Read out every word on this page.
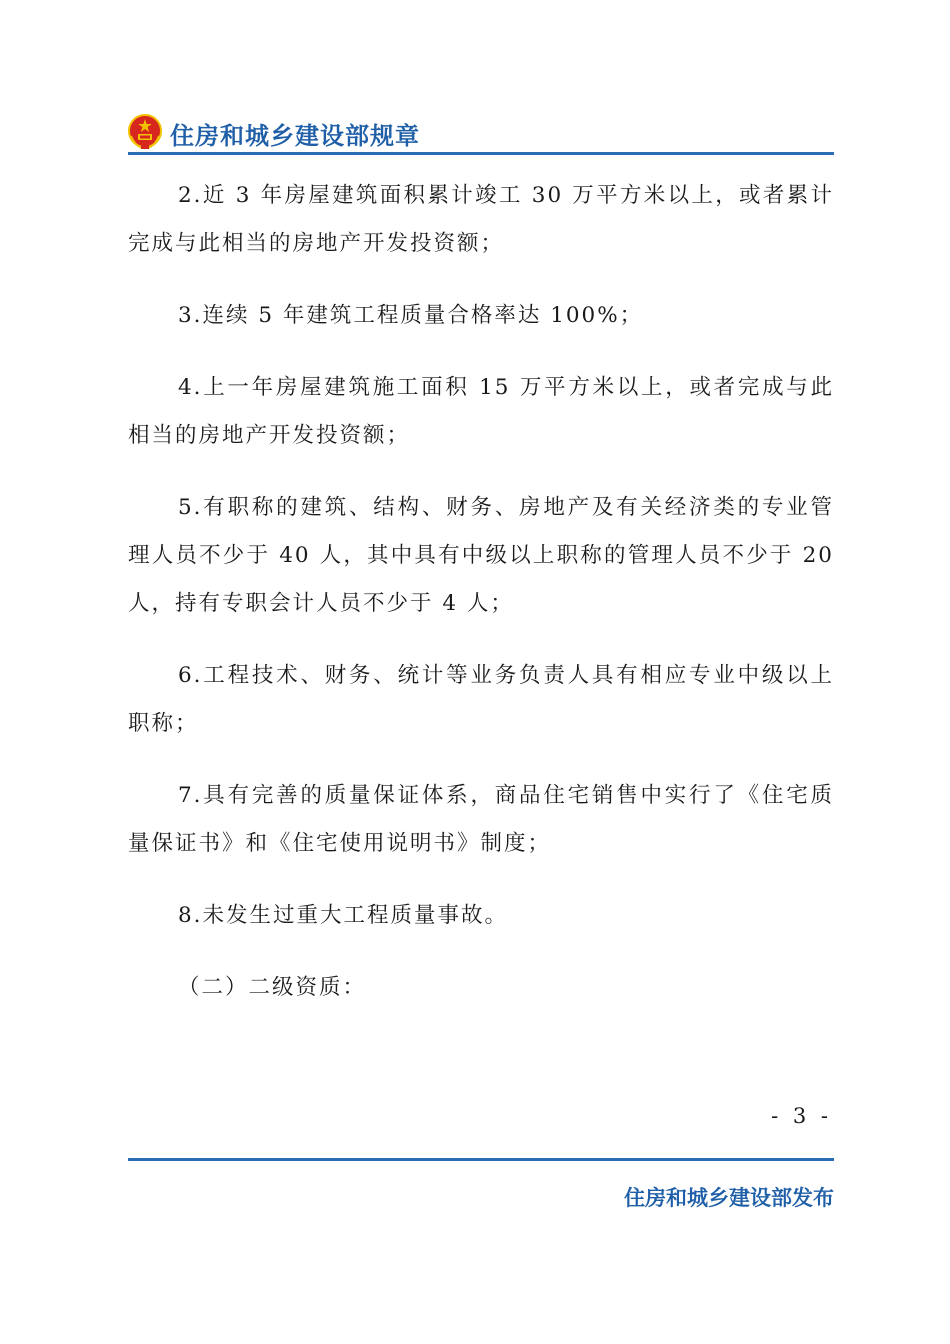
住房和城乡建设部规章

2.近 3 年房屋建筑面积累计竣工 30 万平方米以上，或者累计完成与此相当的房地产开发投资额；

3.连续 5 年建筑工程质量合格率达 100%；

4.上一年房屋建筑施工面积 15 万平方米以上，或者完成与此相当的房地产开发投资额；

5.有职称的建筑、结构、财务、房地产及有关经济类的专业管理人员不少于 40 人，其中具有中级以上职称的管理人员不少于 20 人，持有专职会计人员不少于 4 人；

6.工程技术、财务、统计等业务负责人具有相应专业中级以上职称；

7.具有完善的质量保证体系，商品住宅销售中实行了《住宅质量保证书》和《住宅使用说明书》制度；

8.未发生过重大工程质量事故。

（二）二级资质：

- 3 -
住房和城乡建设部发布
